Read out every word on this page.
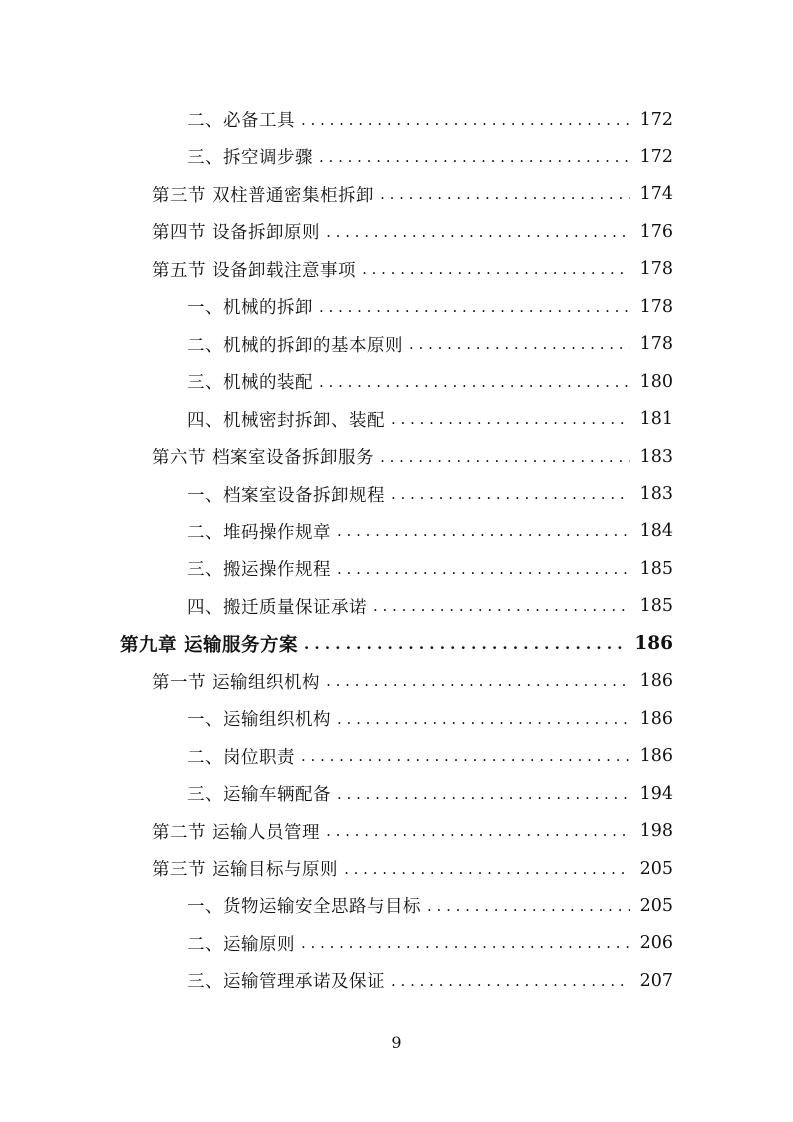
二、必备工具 . . .	172
三、拆空调步骤 . . .	172
第三节 双柱普通密集柜拆卸 . . .	174
第四节 设备拆卸原则 . . .	176
第五节 设备卸载注意事项 . . .	178
一、机械的拆卸 . . .	178
二、机械的拆卸的基本原则 . . .	178
三、机械的装配 . . .	180
四、机械密封拆卸、装配 . . .	181
第六节 档案室设备拆卸服务 . . .	183
一、档案室设备拆卸规程 . . .	183
二、堆码操作规章 . . .	184
三、搬运操作规程 . . .	185
四、搬迁质量保证承诺 . . .	185
第九章 运输服务方案 . . .	186
第一节 运输组织机构 . . .	186
一、运输组织机构 . . .	186
二、岗位职责 . . .	186
三、运输车辆配备 . . .	194
第二节 运输人员管理 . . .	198
第三节 运输目标与原则 . . .	205
一、货物运输安全思路与目标 . . .	205
二、运输原则 . . .	206
三、运输管理承诺及保证 . . .	207
9
